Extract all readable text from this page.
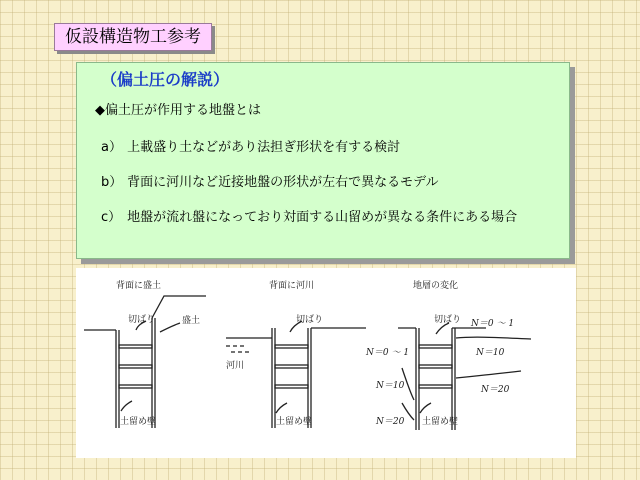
仮設構造物工参考
（偏土圧の解説）
◆偏土圧が作用する地盤とは
a） 上載盛り土などがあり法担ぎ形状を有する検討
b） 背面に河川など近接地盤の形状が左右で異なるモデル
c） 地盤が流れ盤になっており対面する山留めが異なる条件にある場合
背面に盛土
切ばり	盛土
土留め壁
背面に河川
切ばり
河川
土留め壁
地層の変化
切ばり
土留め壁
N＝0 ～ 1
N＝10
N＝20
N＝0 ～ 1
N＝10
N＝20
